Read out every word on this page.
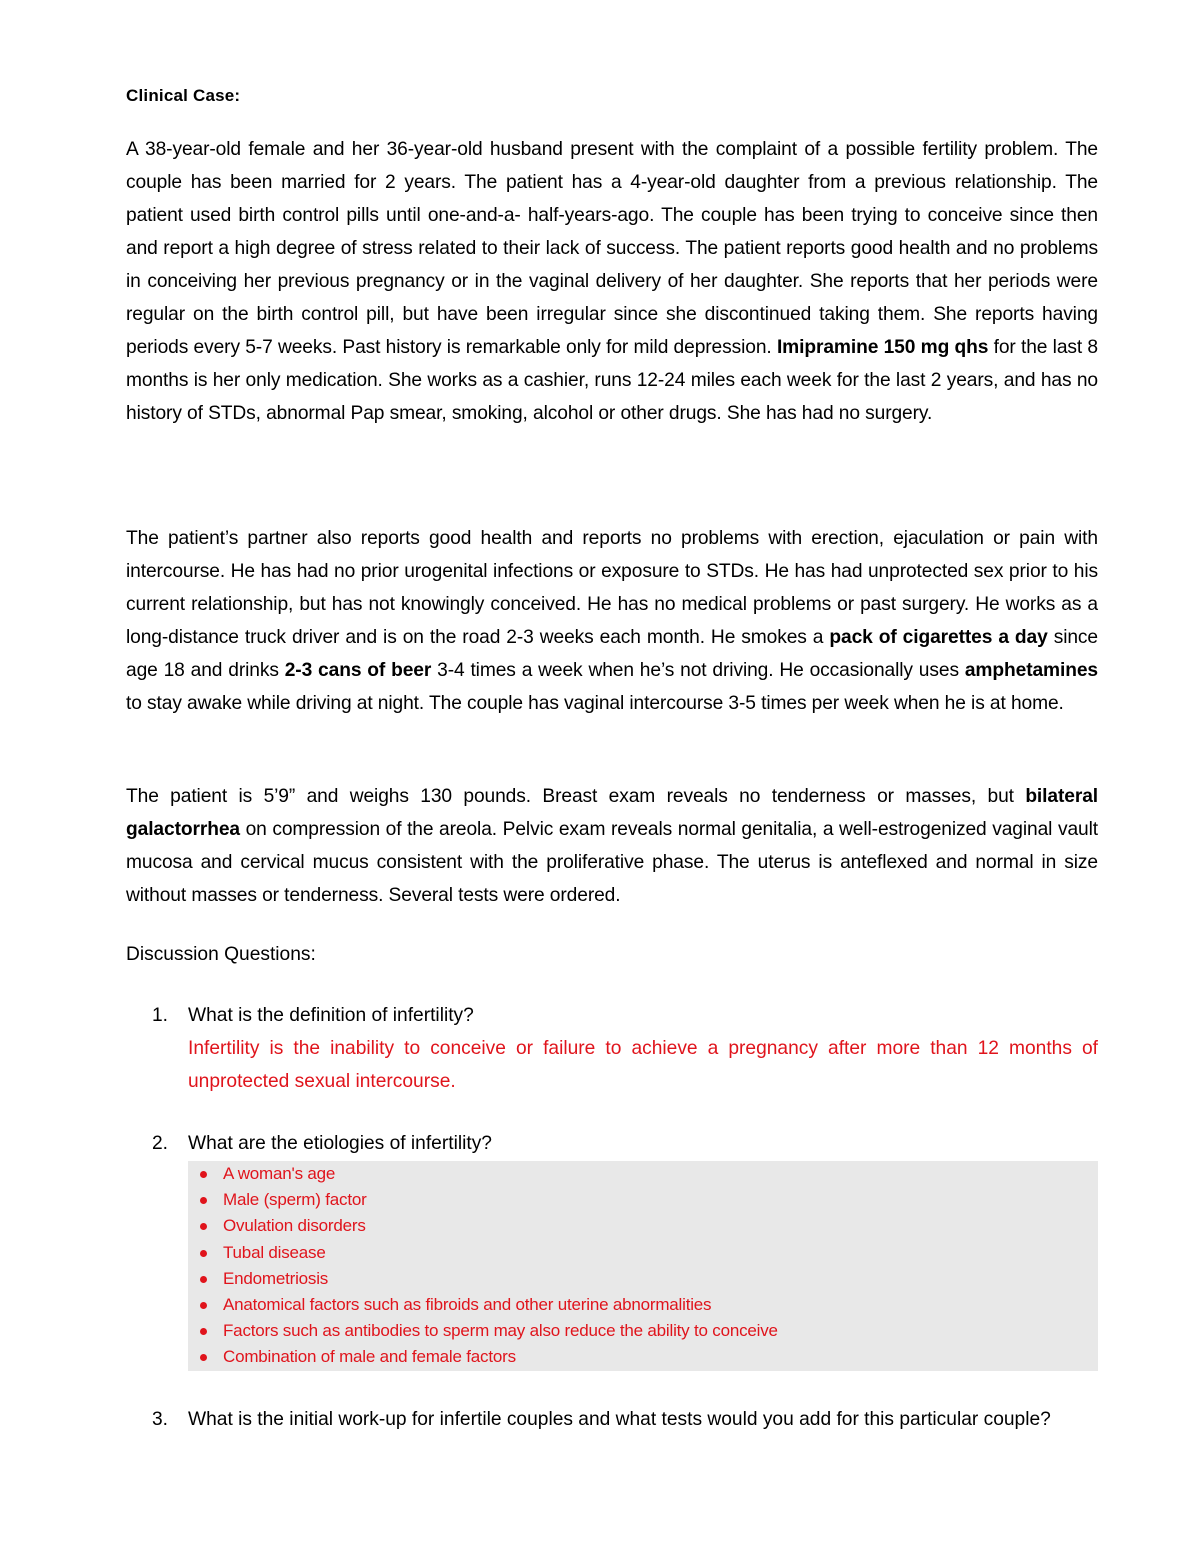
Clinical Case:
A 38-year-old female and her 36-year-old husband present with the complaint of a possible fertility problem. The couple has been married for 2 years. The patient has a 4-year-old daughter from a previous relationship. The patient used birth control pills until one-and-a- half-years-ago. The couple has been trying to conceive since then and report a high degree of stress related to their lack of success. The patient reports good health and no problems in conceiving her previous pregnancy or in the vaginal delivery of her daughter. She reports that her periods were regular on the birth control pill, but have been irregular since she discontinued taking them. She reports having periods every 5-7 weeks. Past history is remarkable only for mild depression. Imipramine 150 mg qhs for the last 8 months is her only medication. She works as a cashier, runs 12-24 miles each week for the last 2 years, and has no history of STDs, abnormal Pap smear, smoking, alcohol or other drugs. She has had no surgery.
The patient’s partner also reports good health and reports no problems with erection, ejaculation or pain with intercourse. He has had no prior urogenital infections or exposure to STDs. He has had unprotected sex prior to his current relationship, but has not knowingly conceived. He has no medical problems or past surgery. He works as a long-distance truck driver and is on the road 2-3 weeks each month. He smokes a pack of cigarettes a day since age 18 and drinks 2-3 cans of beer 3-4 times a week when he’s not driving. He occasionally uses amphetamines to stay awake while driving at night. The couple has vaginal intercourse 3-5 times per week when he is at home.
The patient is 5’9” and weighs 130 pounds. Breast exam reveals no tenderness or masses, but bilateral galactorrhea on compression of the areola. Pelvic exam reveals normal genitalia, a well-estrogenized vaginal vault mucosa and cervical mucus consistent with the proliferative phase. The uterus is anteflexed and normal in size without masses or tenderness. Several tests were ordered.
Discussion Questions:
1.	What is the definition of infertility?
Infertility is the inability to conceive or failure to achieve a pregnancy after more than 12 months of unprotected sexual intercourse.
2.	What are the etiologies of infertility?
A woman's age
Male (sperm) factor
Ovulation disorders
Tubal disease
Endometriosis
Anatomical factors such as fibroids and other uterine abnormalities
Factors such as antibodies to sperm may also reduce the ability to conceive
Combination of male and female factors
3.	What is the initial work-up for infertile couples and what tests would you add for this particular couple?
